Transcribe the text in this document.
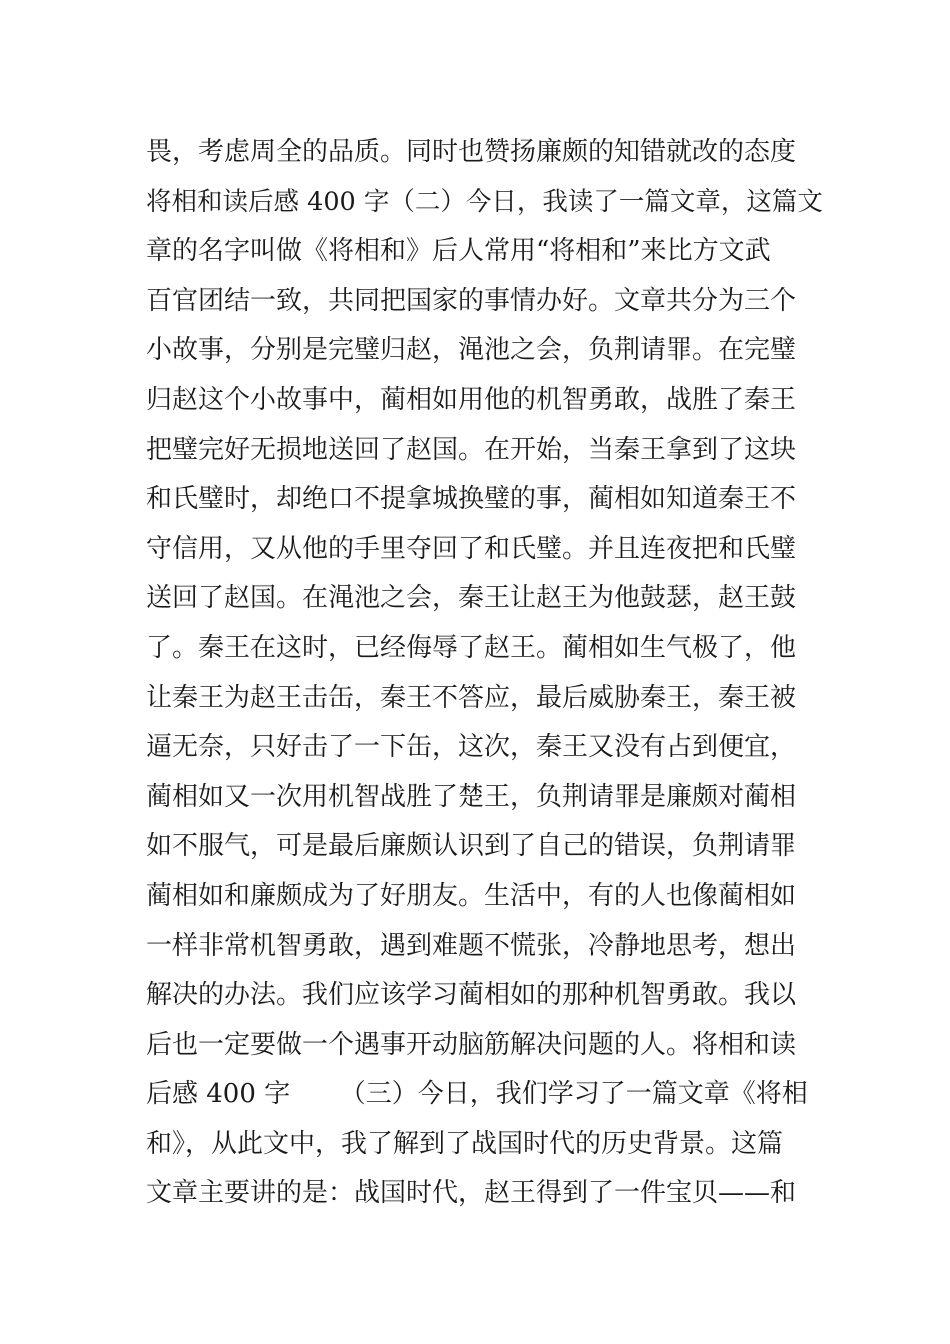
畏，考虑周全的品质。同时也赞扬廉颇的知错就改的态度
将相和读后感 400 字（二）今日，我读了一篇文章，这篇文
章的名字叫做《将相和》后人常用“将相和”来比方文武
百官团结一致，共同把国家的事情办好。文章共分为三个
小故事，分别是完璧归赵，渑池之会，负荆请罪。在完璧
归赵这个小故事中，蔺相如用他的机智勇敢，战胜了秦王
把璧完好无损地送回了赵国。在开始，当秦王拿到了这块
和氏璧时，却绝口不提拿城换璧的事，蔺相如知道秦王不
守信用，又从他的手里夺回了和氏璧。并且连夜把和氏璧
送回了赵国。在渑池之会，秦王让赵王为他鼓瑟，赵王鼓
了。秦王在这时，已经侮辱了赵王。蔺相如生气极了，他
让秦王为赵王击缶，秦王不答应，最后威胁秦王，秦王被
逼无奈，只好击了一下缶，这次，秦王又没有占到便宜，
蔺相如又一次用机智战胜了楚王，负荆请罪是廉颇对蔺相
如不服气，可是最后廉颇认识到了自己的错误，负荆请罪
蔺相如和廉颇成为了好朋友。生活中，有的人也像蔺相如
一样非常机智勇敢，遇到难题不慌张，冷静地思考，想出
解决的办法。我们应该学习蔺相如的那种机智勇敢。我以
后也一定要做一个遇事开动脑筋解决问题的人。将相和读
后感 400 字      （三）今日，我们学习了一篇文章《将相
和》，从此文中，我了解到了战国时代的历史背景。这篇
文章主要讲的是：战国时代，赵王得到了一件宝贝——和
